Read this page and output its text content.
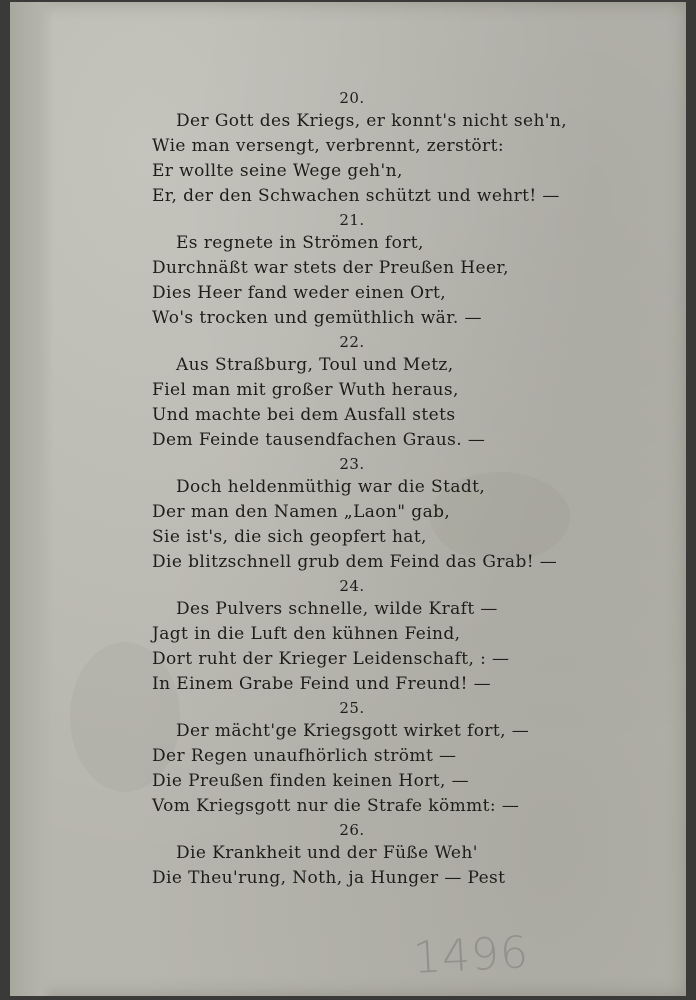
20.
Der Gott des Kriegs, er konnt's nicht seh'n,
Wie man versengt, verbrennt, zerstört:
Er wollte seine Wege geh'n,
Er, der den Schwachen schützt und wehrt! —
21.
Es regnete in Strömen fort,
Durchnäßt war stets der Preußen Heer,
Dies Heer fand weder einen Ort,
Wo's trocken und gemüthlich wär. —
22.
Aus Straßburg, Toul und Metz,
Fiel man mit großer Wuth heraus,
Und machte bei dem Ausfall stets
Dem Feinde tausendfachen Graus. —
23.
Doch heldenmüthig war die Stadt,
Der man den Namen „Laon" gab,
Sie ist's, die sich geopfert hat,
Die blitzschnell grub dem Feind das Grab! —
24.
Des Pulvers schnelle, wilde Kraft —
Jagt in die Luft den kühnen Feind,
Dort ruht der Krieger Leidenschaft, : —
In Einem Grabe Feind und Freund! —
25.
Der mächt'ge Kriegsgott wirket fort, —
Der Regen unaufhörlich strömt —
Die Preußen finden keinen Hort, —
Vom Kriegsgott nur die Strafe kömmt: —
26.
Die Krankheit und der Füße Weh'
Die Theu'rung, Noth, ja Hunger — Pest
1496
